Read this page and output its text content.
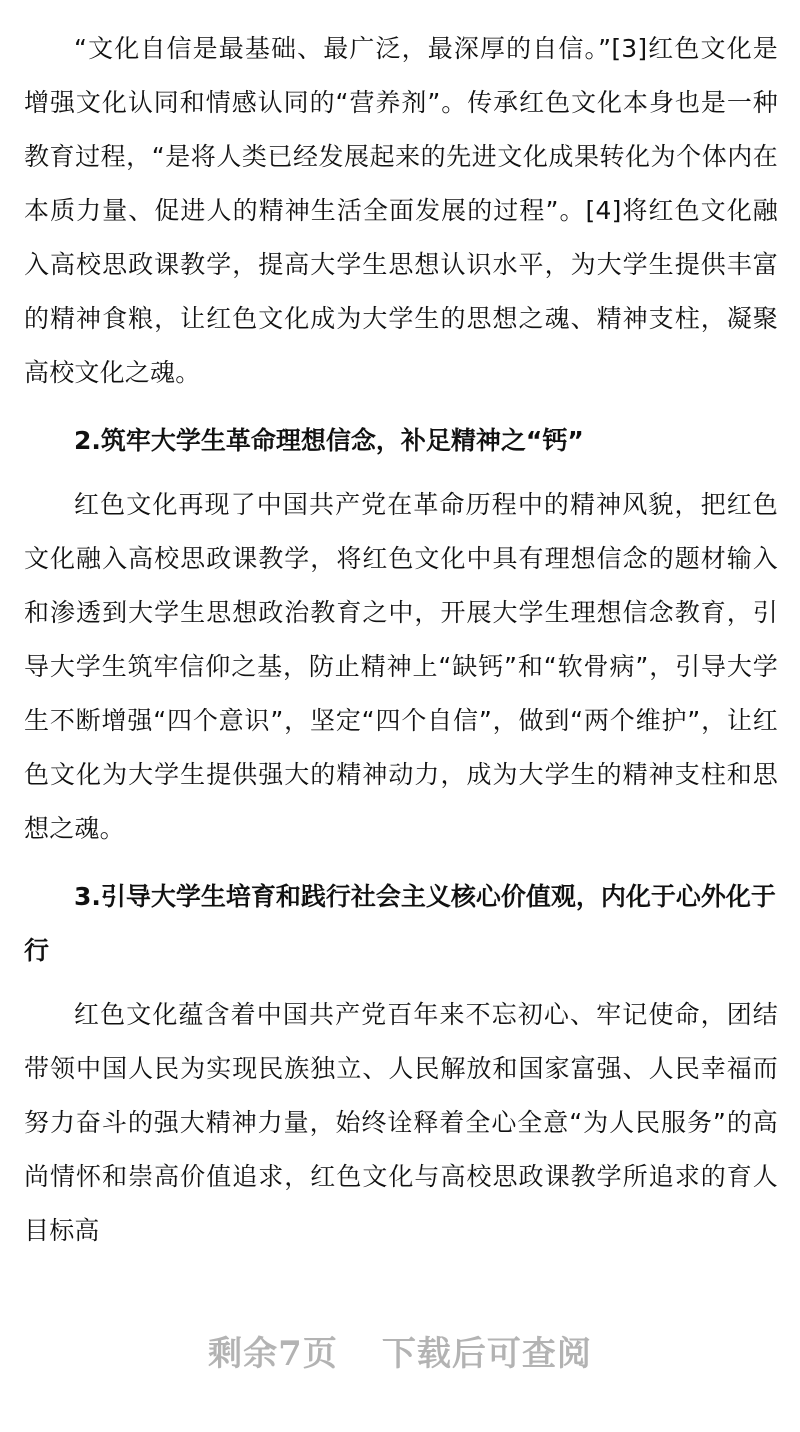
“文化自信是最基础、最广泛，最深厚的自信。”[3]红色文化是增强文化认同和情感认同的“营养剂”。传承红色文化本身也是一种教育过程，“是将人类已经发展起来的先进文化成果转化为个体内在本质力量、促进人的精神生活全面发展的过程”。[4]将红色文化融入高校思政课教学，提高大学生思想认识水平，为大学生提供丰富的精神食粮，让红色文化成为大学生的思想之魂、精神支柱，凝聚高校文化之魂。

2.筑牢大学生革命理想信念，补足精神之“钙”

红色文化再现了中国共产党在革命历程中的精神风貌，把红色文化融入高校思政课教学，将红色文化中具有理想信念的题材输入和渗透到大学生思想政治教育之中，开展大学生理想信念教育，引导大学生筑牢信仰之基，防止精神上“缺钙”和“软骨病”，引导大学生不断增强“四个意识”，坚定“四个自信”，做到“两个维护”，让红色文化为大学生提供强大的精神动力，成为大学生的精神支柱和思想之魂。

3.引导大学生培育和践行社会主义核心价值观，内化于心外化于行

红色文化蕴含着中国共产党百年来不忘初心、牢记使命，团结带领中国人民为实现民族独立、人民解放和国家富强、人民幸福而努力奋斗的强大精神力量，始终诠释着全心全意“为人民服务”的高尚情怀和崇高价值追求，红色文化与高校思政课教学所追求的育人目标高

剩余7页 下载后可查阅
